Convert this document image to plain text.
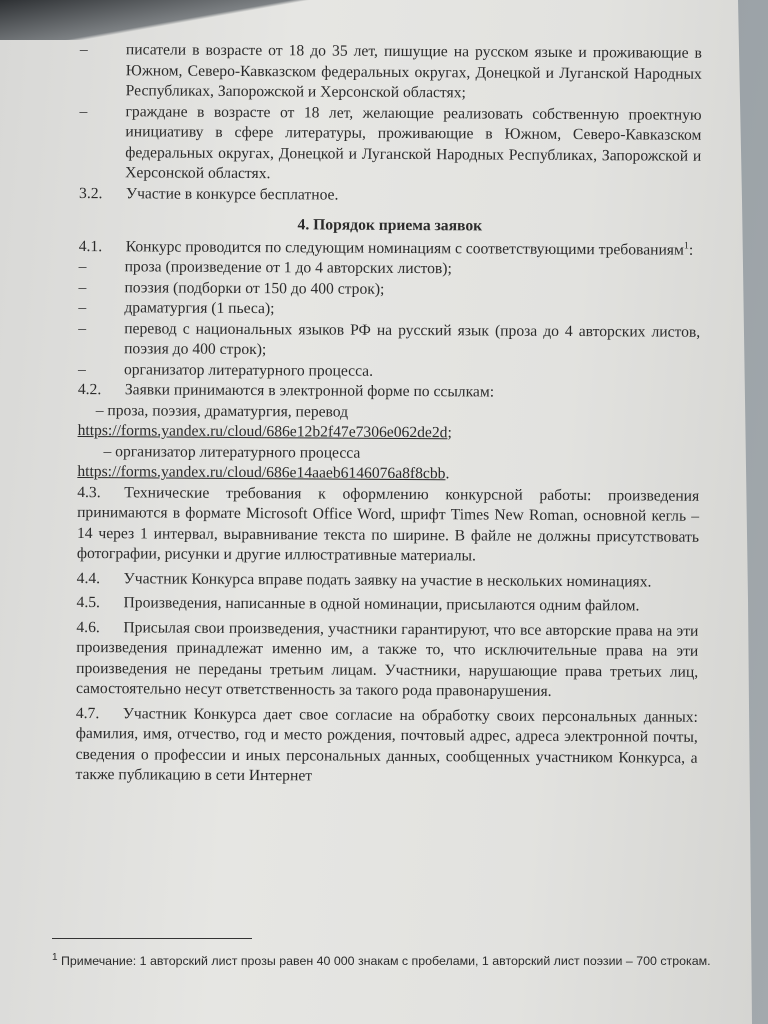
–	писатели в возрасте от 18 до 35 лет, пишущие на русском языке и проживающие в Южном, Северо-Кавказском федеральных округах, Донецкой и Луганской Народных Республиках, Запорожской и Херсонской областях;
–	граждане в возрасте от 18 лет, желающие реализовать собственную проектную инициативу в сфере литературы, проживающие в Южном, Северо-Кавказском федеральных округах, Донецкой и Луганской Народных Республиках, Запорожской и Херсонской областях.

3.2. Участие в конкурсе бесплатное.

4. Порядок приема заявок

4.1. Конкурс проводится по следующим номинациям с соответствующими требованиям$^1$:

–	проза (произведение от 1 до 4 авторских листов);
–	поэзия (подборки от 150 до 400 строк);
–	драматургия (1 пьеса);
–	перевод с национальных языков РФ на русский язык (проза до 4 авторских листов, поэзия до 400 строк);
–	организатор литературного процесса.

4.2. Заявки принимаются в электронной форме по ссылкам:

– проза, поэзия, драматургия, перевод

https://forms.yandex.ru/cloud/686e12b2f47e7306e062de2d;

– организатор литературного процесса

https://forms.yandex.ru/cloud/686e14aaeb6146076a8f8cbb.

4.3. Технические требования к оформлению конкурсной работы: произведения принимаются в формате Microsoft Office Word, шрифт Times New Roman, основной кегль – 14 через 1 интервал, выравнивание текста по ширине. В файле не должны присутствовать фотографии, рисунки и другие иллюстративные материалы.

4.4. Участник Конкурса вправе подать заявку на участие в нескольких номинациях.

4.5. Произведения, написанные в одной номинации, присылаются одним файлом.

4.6. Присылая свои произведения, участники гарантируют, что все авторские права на эти произведения принадлежат именно им, а также то, что исключительные права на эти произведения не переданы третьим лицам. Участники, нарушающие права третьих лиц, самостоятельно несут ответственность за такого рода правонарушения.

4.7. Участник Конкурса дает свое согласие на обработку своих персональных данных: фамилия, имя, отчество, год и место рождения, почтовый адрес, адреса электронной почты, сведения о профессии и иных персональных данных, сообщенных участником Конкурса, а также публикацию в сети Интернет

$^1$ Примечание: 1 авторский лист прозы равен 40 000 знакам с пробелами, 1 авторский лист поэзии – 700 строкам.
